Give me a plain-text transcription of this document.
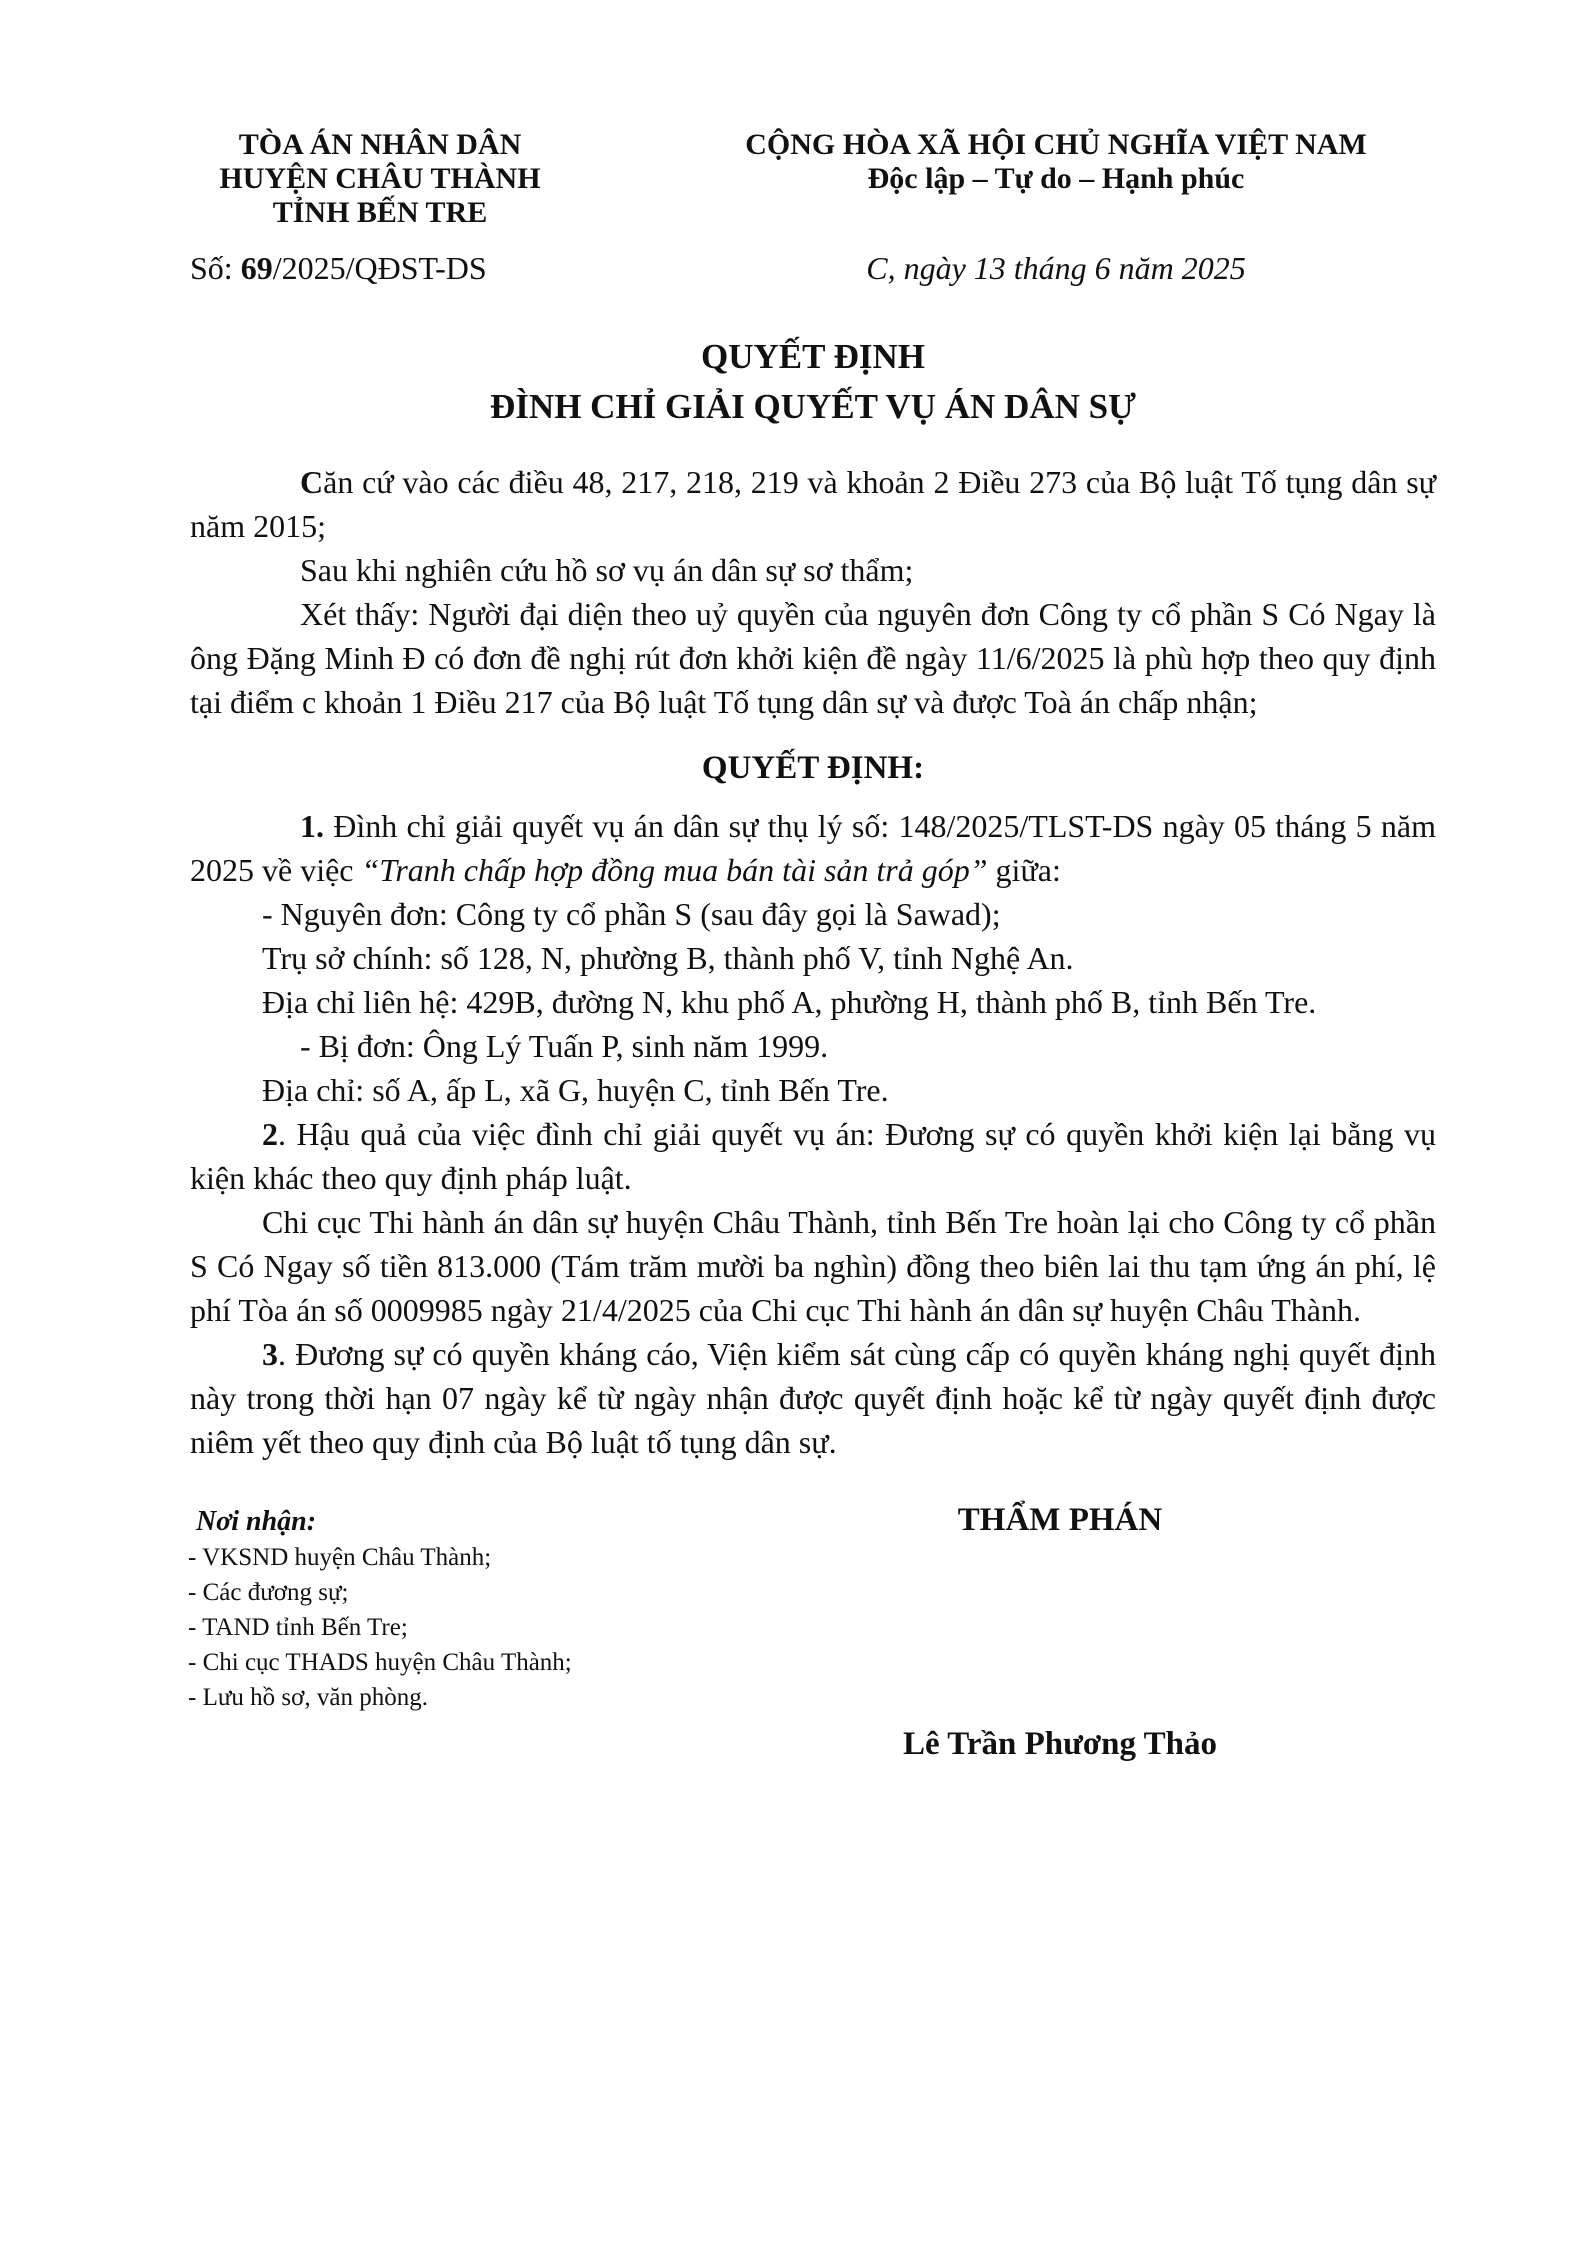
TÒA ÁN NHÂN DÂN
HUYỆN CHÂU THÀNH
TỈNH BẾN TRE
CỘNG HÒA XÃ HỘI CHỦ NGHĨA VIỆT NAM
Độc lập – Tự do – Hạnh phúc
Số: 69/2025/QĐST-DS	C, ngày 13 tháng 6 năm 2025
QUYẾT ĐỊNH
ĐÌNH CHỈ GIẢI QUYẾT VỤ ÁN DÂN SỰ
Căn cứ vào các điều 48, 217, 218, 219 và khoản 2 Điều 273 của Bộ luật Tố tụng dân sự năm 2015;
Sau khi nghiên cứu hồ sơ vụ án dân sự sơ thẩm;
Xét thấy: Người đại diện theo uỷ quyền của nguyên đơn Công ty cổ phần S Có Ngay là ông Đặng Minh Đ có đơn đề nghị rút đơn khởi kiện đề ngày 11/6/2025 là phù hợp theo quy định tại điểm c khoản 1 Điều 217 của Bộ luật Tố tụng dân sự và được Toà án chấp nhận;
QUYẾT ĐỊNH:
1. Đình chỉ giải quyết vụ án dân sự thụ lý số: 148/2025/TLST-DS ngày 05 tháng 5 năm 2025 về việc “Tranh chấp hợp đồng mua bán tài sản trả góp” giữa:
- Nguyên đơn: Công ty cổ phần S (sau đây gọi là Sawad);
Trụ sở chính: số 128, N, phường B, thành phố V, tỉnh Nghệ An.
Địa chỉ liên hệ: 429B, đường N, khu phố A, phường H, thành phố B, tỉnh Bến Tre.
- Bị đơn: Ông Lý Tuấn P, sinh năm 1999.
Địa chỉ: số A, ấp L, xã G, huyện C, tỉnh Bến Tre.
2. Hậu quả của việc đình chỉ giải quyết vụ án: Đương sự có quyền khởi kiện lại bằng vụ kiện khác theo quy định pháp luật.
Chi cục Thi hành án dân sự huyện Châu Thành, tỉnh Bến Tre hoàn lại cho Công ty cổ phần S Có Ngay số tiền 813.000 (Tám trăm mười ba nghìn) đồng theo biên lai thu tạm ứng án phí, lệ phí Tòa án số 0009985 ngày 21/4/2025 của Chi cục Thi hành án dân sự huyện Châu Thành.
3. Đương sự có quyền kháng cáo, Viện kiểm sát cùng cấp có quyền kháng nghị quyết định này trong thời hạn 07 ngày kể từ ngày nhận được quyết định hoặc kể từ ngày quyết định được niêm yết theo quy định của Bộ luật tố tụng dân sự.
Nơi nhận:
- VKSND huyện Châu Thành;
- Các đương sự;
- TAND tỉnh Bến Tre;
- Chi cục THADS huyện Châu Thành;
- Lưu hồ sơ, văn phòng.
THẨM PHÁN
Lê Trần Phương Thảo
